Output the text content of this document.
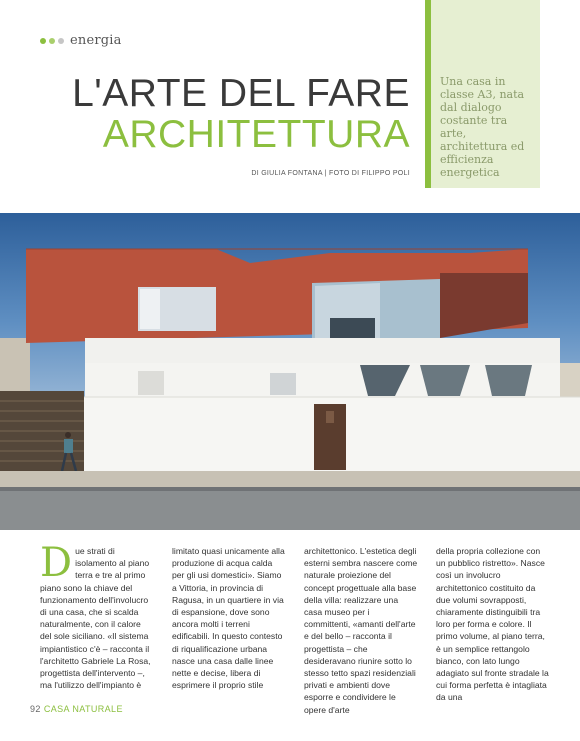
energia
L'ARTE DEL FARE
ARCHITETTURA
DI GIULIA FONTANA | FOTO DI FILIPPO POLI
Una casa in classe A3, nata dal dialogo costante tra arte, architettura ed efficienza energetica
Due strati di isolamento al piano terra e tre al primo piano sono la chiave del funzionamento dell'involucro di una casa, che si scalda naturalmente, con il calore del sole siciliano. «Il sistema impiantistico c'è – racconta il l'architetto Gabriele La Rosa, progettista dell'intervento –, ma l'utilizzo dell'impianto è
limitato quasi unicamente alla produzione di acqua calda per gli usi domestici». Siamo a Vittoria, in provincia di Ragusa, in un quartiere in via di espansione, dove sono ancora molti i terreni edificabili. In questo contesto di riqualificazione urbana nasce una casa dalle linee nette e decise, libera di esprimere il proprio stile
architettonico. L'estetica degli esterni sembra nascere come naturale proiezione del concept progettuale alla base della villa: realizzare una casa museo per i committenti, «amanti dell'arte e del bello – racconta il progettista – che desideravano riunire sotto lo stesso tetto spazi residenziali privati e ambienti dove esporre e condividere le opere d'arte
della propria collezione con un pubblico ristretto». Nasce così un involucro architettonico costituito da due volumi sovrapposti, chiaramente distinguibili tra loro per forma e colore. Il primo volume, al piano terra, è un semplice rettangolo bianco, con lato lungo adagiato sul fronte stradale la cui forma perfetta è intagliata da una
92 CASA NATURALE
